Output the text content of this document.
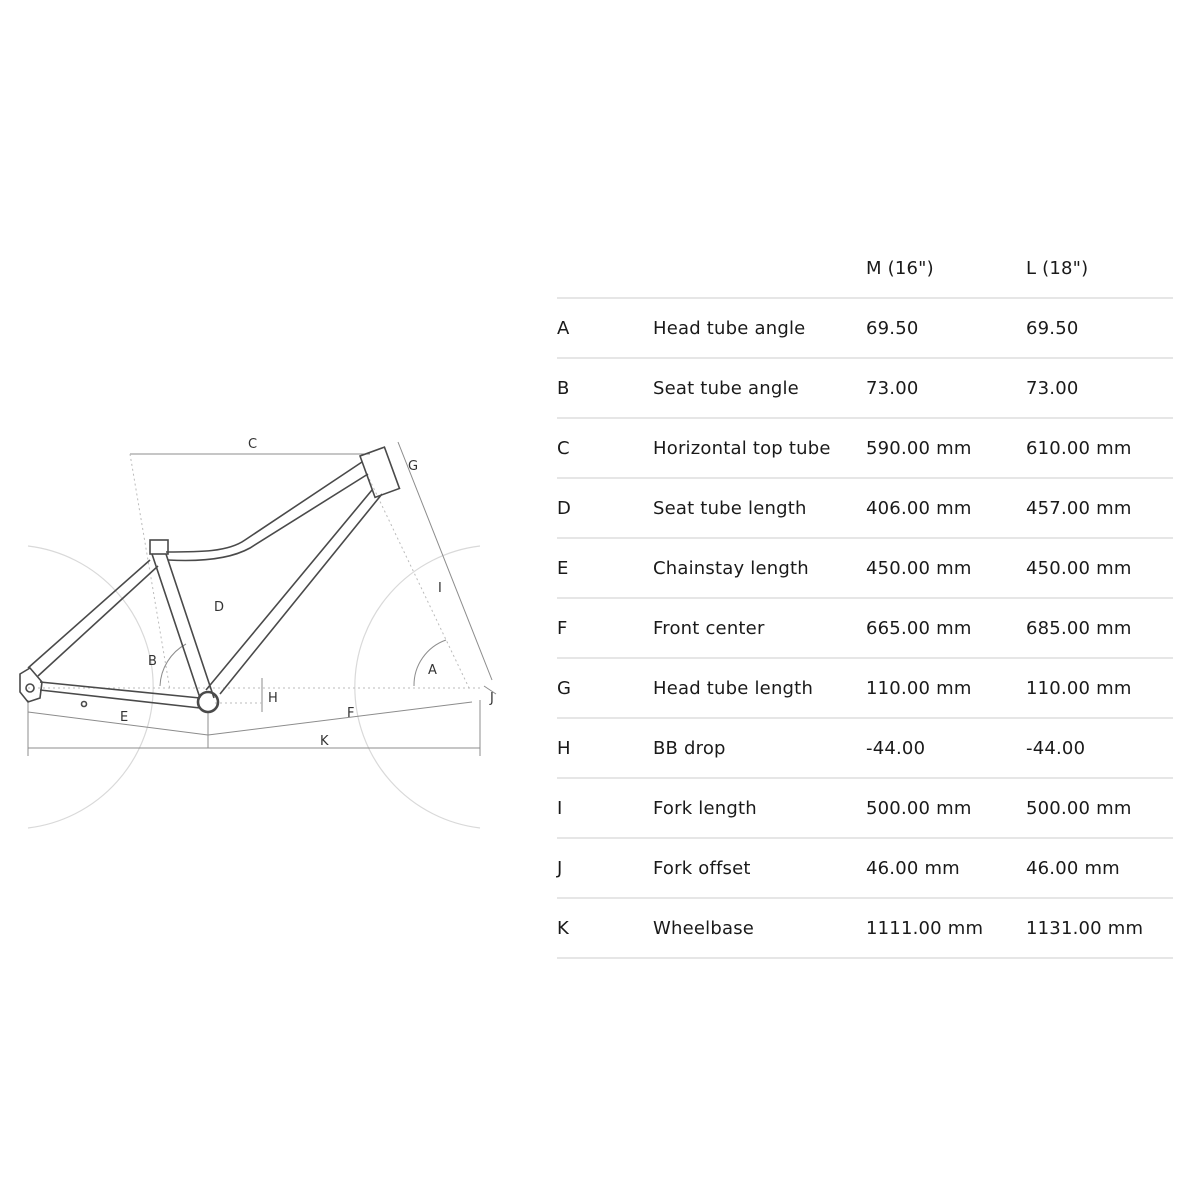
C
G
D
I
B
A
H	J
E	F
K
		M (16")	L (18")
A	Head tube angle	69.50	69.50
B	Seat tube angle	73.00	73.00
C	Horizontal top tube	590.00 mm	610.00 mm
D	Seat tube length	406.00 mm	457.00 mm
E	Chainstay length	450.00 mm	450.00 mm
F	Front center	665.00 mm	685.00 mm
G	Head tube length	110.00 mm	110.00 mm
H	BB drop	-44.00	-44.00
I	Fork length	500.00 mm	500.00 mm
J	Fork offset	46.00 mm	46.00 mm
K	Wheelbase	1111.00 mm	1131.00 mm
